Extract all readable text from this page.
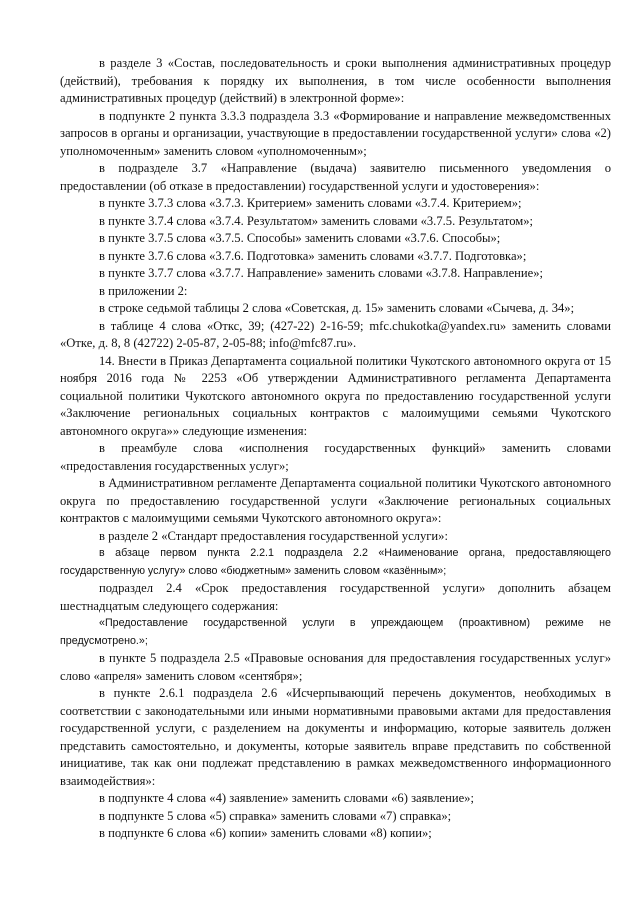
в разделе 3 «Состав, последовательность и сроки выполнения административных процедур (действий), требования к порядку их выполнения, в том числе особенности выполнения административных процедур (действий) в электронной форме»:

в подпункте 2 пункта 3.3.3 подраздела 3.3 «Формирование и направление межведомственных запросов в органы и организации, участвующие в предоставлении государственной услуги» слова «2) уполномоченным» заменить словом «уполномоченным»;

в подразделе 3.7 «Направление (выдача) заявителю письменного уведомления о предоставлении (об отказе в предоставлении) государственной услуги и удостоверения»:

в пункте 3.7.3 слова «3.7.3. Критерием» заменить словами «3.7.4. Критерием»;

в пункте 3.7.4 слова «3.7.4. Результатом» заменить словами «3.7.5. Результатом»;

в пункте 3.7.5 слова «3.7.5. Способы» заменить словами «3.7.6. Способы»;

в пункте 3.7.6 слова «3.7.6. Подготовка» заменить словами «3.7.7. Подготовка»;

в пункте 3.7.7 слова «3.7.7. Направление» заменить словами «3.7.8. Направление»;

в приложении 2:

в строке седьмой таблицы 2 слова «Советская, д. 15» заменить словами «Сычева, д. 34»;

в таблице 4 слова «Откс, 39; (427-22) 2-16-59; mfc.chukotka@yandex.ru» заменить словами «Отке, д. 8, 8 (42722) 2-05-87, 2-05-88; info@mfc87.ru».

14. Внести в Приказ Департамента социальной политики Чукотского автономного округа от 15 ноября 2016 года № 2253 «Об утверждении Административного регламента Департамента социальной политики Чукотского автономного округа по предоставлению государственной услуги «Заключение региональных социальных контрактов с малоимущими семьями Чукотского автономного округа»» следующие изменения:

в преамбуле слова «исполнения государственных функций» заменить словами «предоставления государственных услуг»;

в Административном регламенте Департамента социальной политики Чукотского автономного округа по предоставлению государственной услуги «Заключение региональных социальных контрактов с малоимущими семьями Чукотского автономного округа»:

в разделе 2 «Стандарт предоставления государственной услуги»:

в абзаце первом пункта 2.2.1 подраздела 2.2 «Наименование органа, предоставляющего государственную услугу» слово «бюджетным» заменить словом «казённым»;

подраздел 2.4 «Срок предоставления государственной услуги» дополнить абзацем шестнадцатым следующего содержания:

«Предоставление государственной услуги в упреждающем (проактивном) режиме не предусмотрено.»;

в пункте 5 подраздела 2.5 «Правовые основания для предоставления государственных услуг» слово «апреля» заменить словом «сентября»;

в пункте 2.6.1 подраздела 2.6 «Исчерпывающий перечень документов, необходимых в соответствии с законодательными или иными нормативными правовыми актами для предоставления государственной услуги, с разделением на документы и информацию, которые заявитель должен представить самостоятельно, и документы, которые заявитель вправе представить по собственной инициативе, так как они подлежат представлению в рамках межведомственного информационного взаимодействия»:

в подпункте 4 слова «4) заявление» заменить словами «6) заявление»;

в подпункте 5 слова «5) справка» заменить словами «7) справка»;

в подпункте 6 слова «6) копии» заменить словами «8) копии»;
